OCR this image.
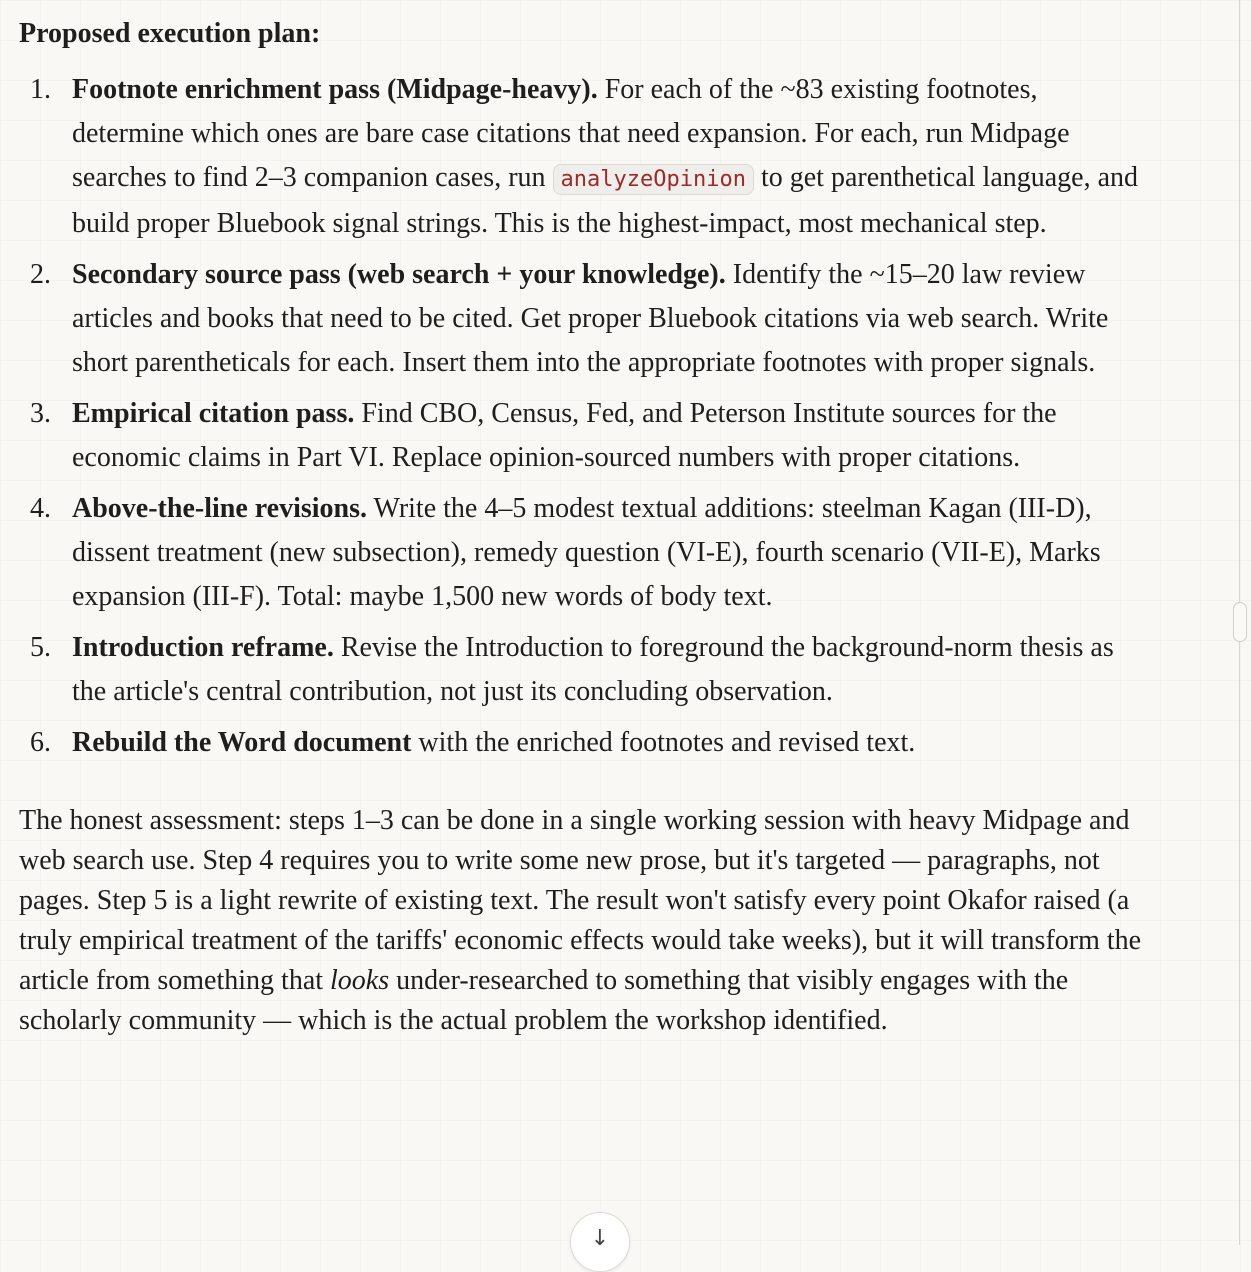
Proposed execution plan:

1. Footnote enrichment pass (Midpage-heavy). For each of the ~83 existing footnotes, determine which ones are bare case citations that need expansion. For each, run Midpage searches to find 2–3 companion cases, run analyzeOpinion to get parenthetical language, and build proper Bluebook signal strings. This is the highest-impact, most mechanical step.
2. Secondary source pass (web search + your knowledge). Identify the ~15–20 law review articles and books that need to be cited. Get proper Bluebook citations via web search. Write short parentheticals for each. Insert them into the appropriate footnotes with proper signals.
3. Empirical citation pass. Find CBO, Census, Fed, and Peterson Institute sources for the economic claims in Part VI. Replace opinion-sourced numbers with proper citations.
4. Above-the-line revisions. Write the 4–5 modest textual additions: steelman Kagan (III-D), dissent treatment (new subsection), remedy question (VI-E), fourth scenario (VII-E), Marks expansion (III-F). Total: maybe 1,500 new words of body text.
5. Introduction reframe. Revise the Introduction to foreground the background-norm thesis as the article's central contribution, not just its concluding observation.
6. Rebuild the Word document with the enriched footnotes and revised text.

The honest assessment: steps 1–3 can be done in a single working session with heavy Midpage and web search use. Step 4 requires you to write some new prose, but it's targeted — paragraphs, not pages. Step 5 is a light rewrite of existing text. The result won't satisfy every point Okafor raised (a truly empirical treatment of the tariffs' economic effects would take weeks), but it will transform the article from something that looks under-researched to something that visibly engages with the scholarly community — which is the actual problem the workshop identified.

↓
